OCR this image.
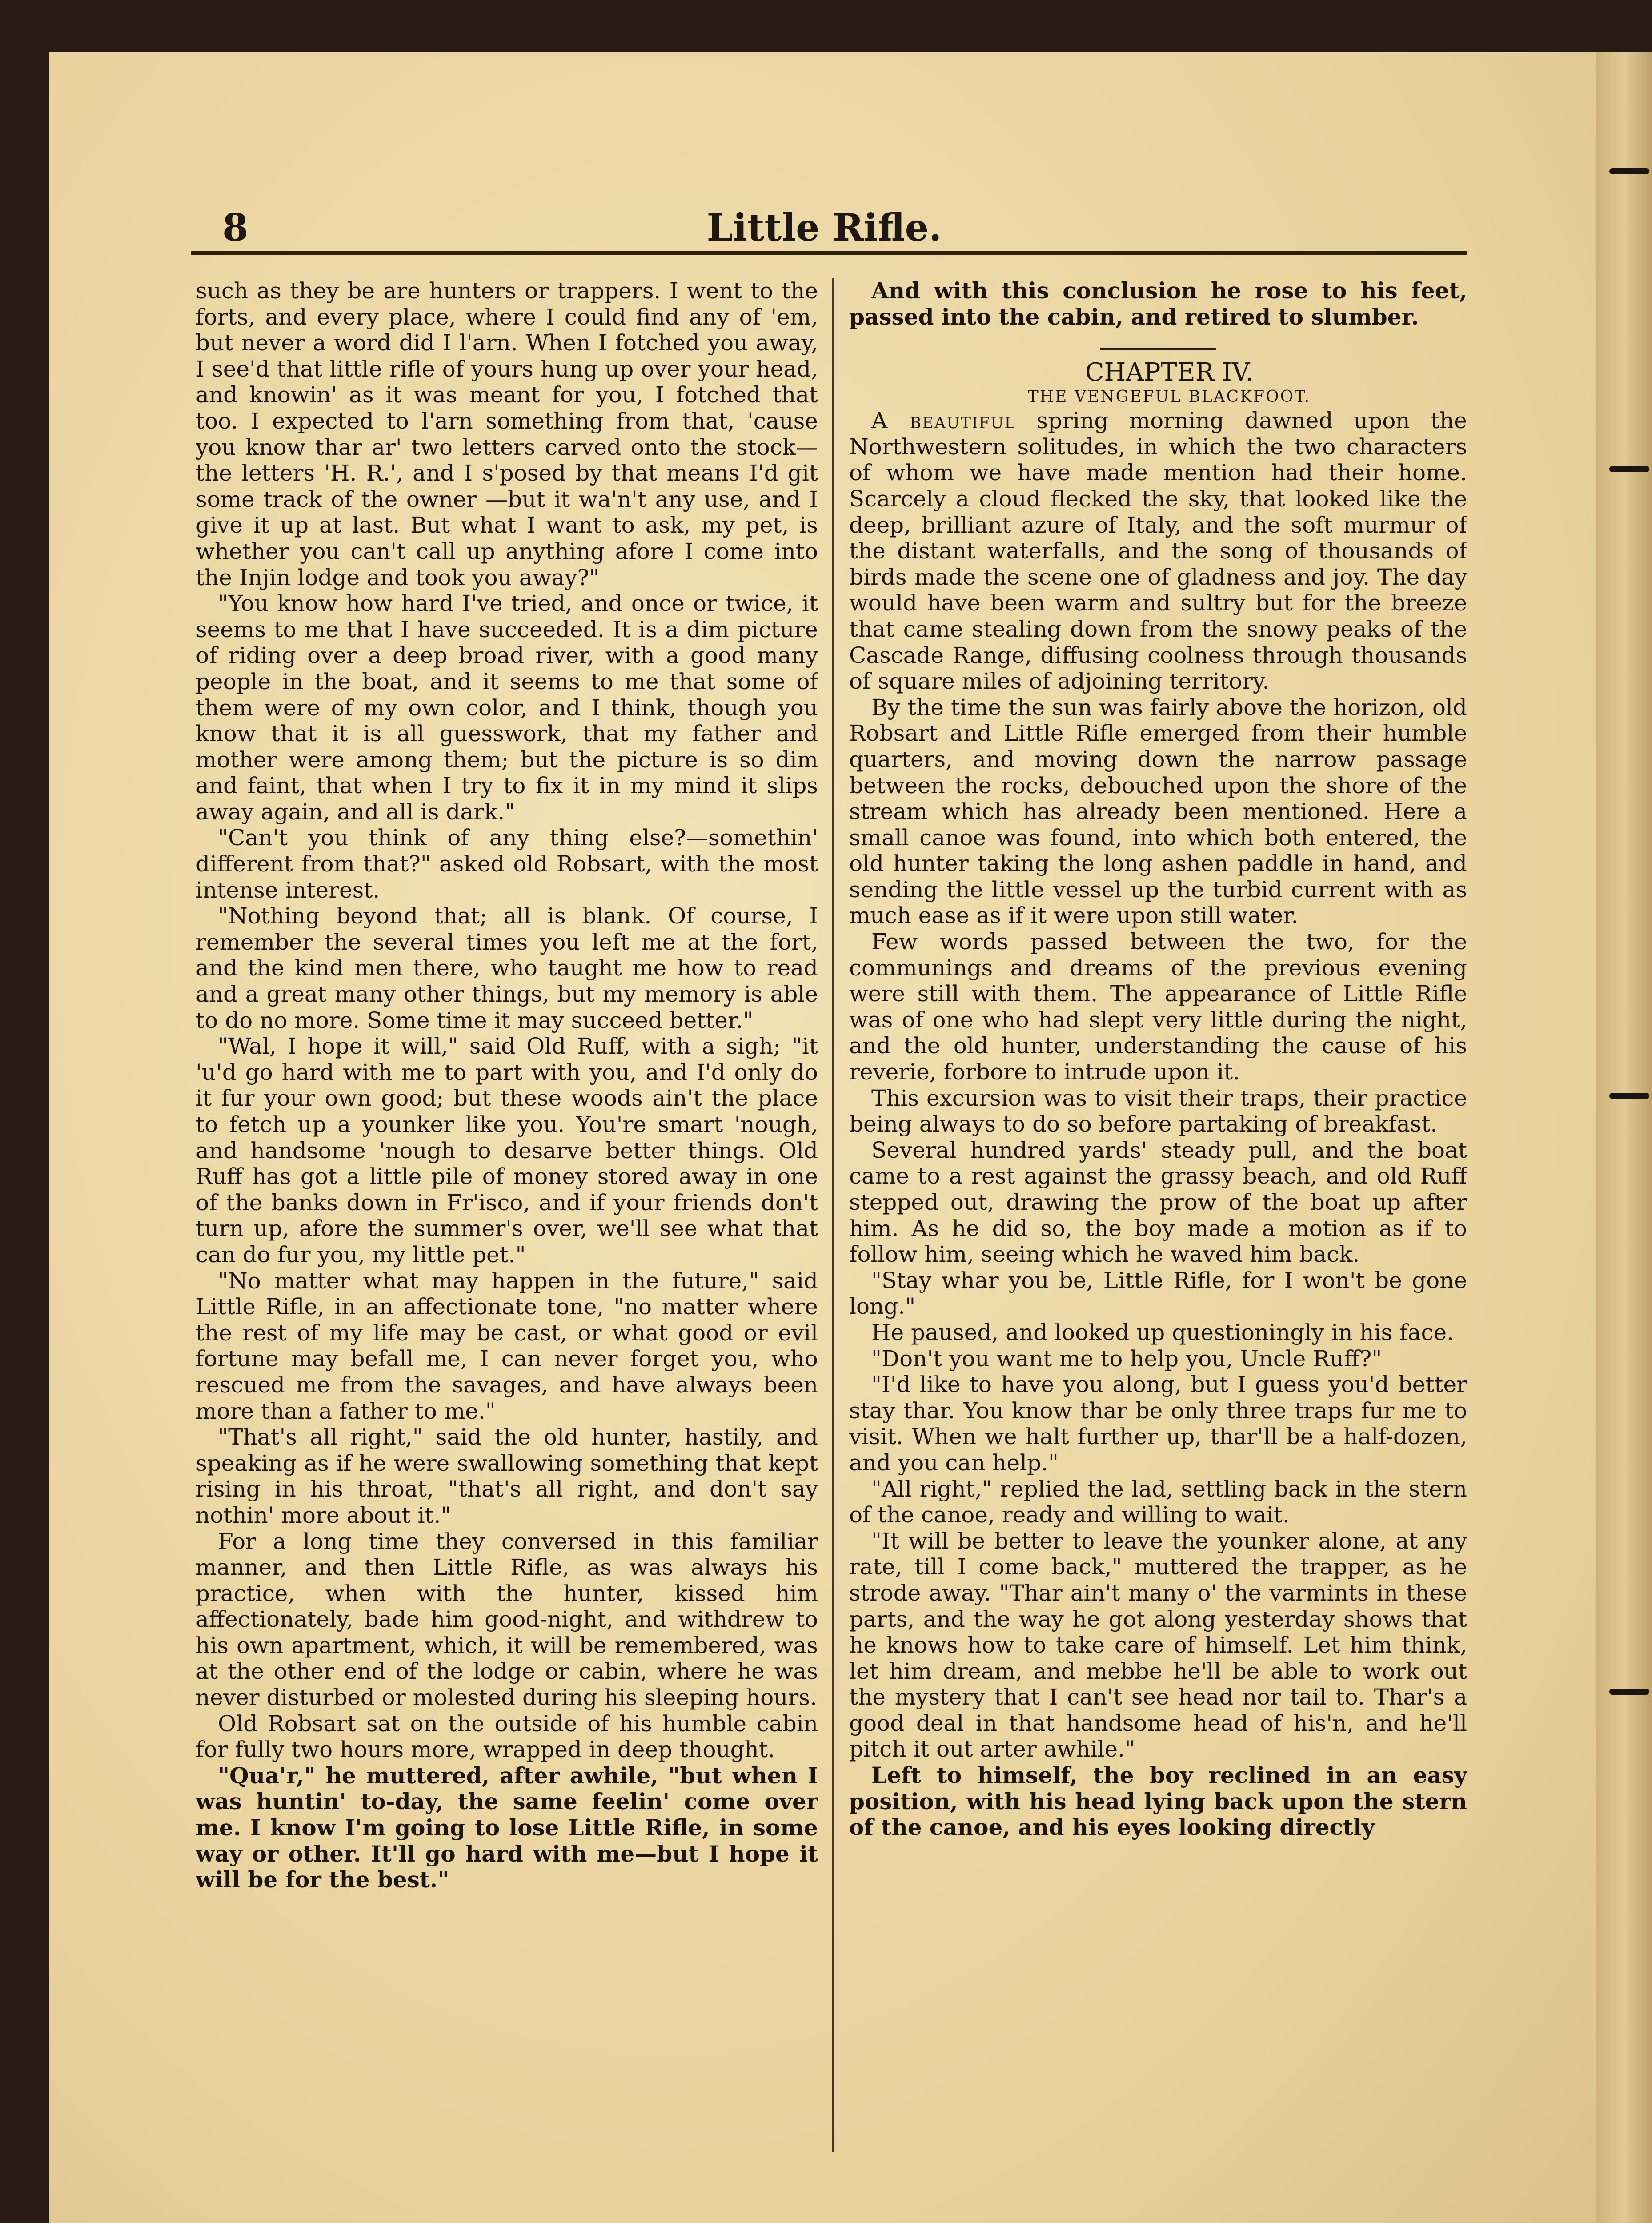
8	Little Rifle.

such as they be are hunters or trappers. I went to the forts, and every place, where I could find any of 'em, but never a word did I l'arn. When I fotched you away, I see'd that little rifle of yours hung up over your head, and knowin' as it was meant for you, I fotched that too. I expected to l'arn something from that, 'cause you know thar ar' two letters carved onto the stock—the letters 'H. R.', and I s'posed by that means I'd git some track of the owner —but it wa'n't any use, and I give it up at last. But what I want to ask, my pet, is whether you can't call up anything afore I come into the Injin lodge and took you away?"

"You know how hard I've tried, and once or twice, it seems to me that I have succeeded. It is a dim picture of riding over a deep broad river, with a good many people in the boat, and it seems to me that some of them were of my own color, and I think, though you know that it is all guesswork, that my father and mother were among them; but the picture is so dim and faint, that when I try to fix it in my mind it slips away again, and all is dark."

"Can't you think of any thing else?—somethin' different from that?" asked old Robsart, with the most intense interest.

"Nothing beyond that; all is blank. Of course, I remember the several times you left me at the fort, and the kind men there, who taught me how to read and a great many other things, but my memory is able to do no more. Some time it may succeed better."

"Wal, I hope it will," said Old Ruff, with a sigh; "it 'u'd go hard with me to part with you, and I'd only do it fur your own good; but these woods ain't the place to fetch up a younker like you. You're smart 'nough, and handsome 'nough to desarve better things. Old Ruff has got a little pile of money stored away in one of the banks down in Fr'isco, and if your friends don't turn up, afore the summer's over, we'll see what that can do fur you, my little pet."

"No matter what may happen in the future," said Little Rifle, in an affectionate tone, "no matter where the rest of my life may be cast, or what good or evil fortune may befall me, I can never forget you, who rescued me from the savages, and have always been more than a father to me."

"That's all right," said the old hunter, hastily, and speaking as if he were swallowing something that kept rising in his throat, "that's all right, and don't say nothin' more about it."

For a long time they conversed in this familiar manner, and then Little Rifle, as was always his practice, when with the hunter, kissed him affectionately, bade him good-night, and withdrew to his own apartment, which, it will be remembered, was at the other end of the lodge or cabin, where he was never disturbed or molested during his sleeping hours.

Old Robsart sat on the outside of his humble cabin for fully two hours more, wrapped in deep thought.

"Qua'r," he muttered, after awhile, "but when I was huntin' to-day, the same feelin' come over me. I know I'm going to lose Little Rifle, in some way or other. It'll go hard with me—but I hope it will be for the best."

And with this conclusion he rose to his feet, passed into the cabin, and retired to slumber.

CHAPTER IV.

THE VENGEFUL BLACKFOOT.

A beautiful spring morning dawned upon the Northwestern solitudes, in which the two characters of whom we have made mention had their home. Scarcely a cloud flecked the sky, that looked like the deep, brilliant azure of Italy, and the soft murmur of the distant waterfalls, and the song of thousands of birds made the scene one of gladness and joy. The day would have been warm and sultry but for the breeze that came stealing down from the snowy peaks of the Cascade Range, diffusing coolness through thousands of square miles of adjoining territory.

By the time the sun was fairly above the horizon, old Robsart and Little Rifle emerged from their humble quarters, and moving down the narrow passage between the rocks, debouched upon the shore of the stream which has already been mentioned. Here a small canoe was found, into which both entered, the old hunter taking the long ashen paddle in hand, and sending the little vessel up the turbid current with as much ease as if it were upon still water.

Few words passed between the two, for the communings and dreams of the previous evening were still with them. The appearance of Little Rifle was of one who had slept very little during the night, and the old hunter, understanding the cause of his reverie, forbore to intrude upon it.

This excursion was to visit their traps, their practice being always to do so before partaking of breakfast.

Several hundred yards' steady pull, and the boat came to a rest against the grassy beach, and old Ruff stepped out, drawing the prow of the boat up after him. As he did so, the boy made a motion as if to follow him, seeing which he waved him back.

"Stay whar you be, Little Rifle, for I won't be gone long."

He paused, and looked up questioningly in his face.

"Don't you want me to help you, Uncle Ruff?"

"I'd like to have you along, but I guess you'd better stay thar. You know thar be only three traps fur me to visit. When we halt further up, thar'll be a half-dozen, and you can help."

"All right," replied the lad, settling back in the stern of the canoe, ready and willing to wait.

"It will be better to leave the younker alone, at any rate, till I come back," muttered the trapper, as he strode away. "Thar ain't many o' the varmints in these parts, and the way he got along yesterday shows that he knows how to take care of himself. Let him think, let him dream, and mebbe he'll be able to work out the mystery that I can't see head nor tail to. Thar's a good deal in that handsome head of his'n, and he'll pitch it out arter awhile."

Left to himself, the boy reclined in an easy position, with his head lying back upon the stern of the canoe, and his eyes looking directly
